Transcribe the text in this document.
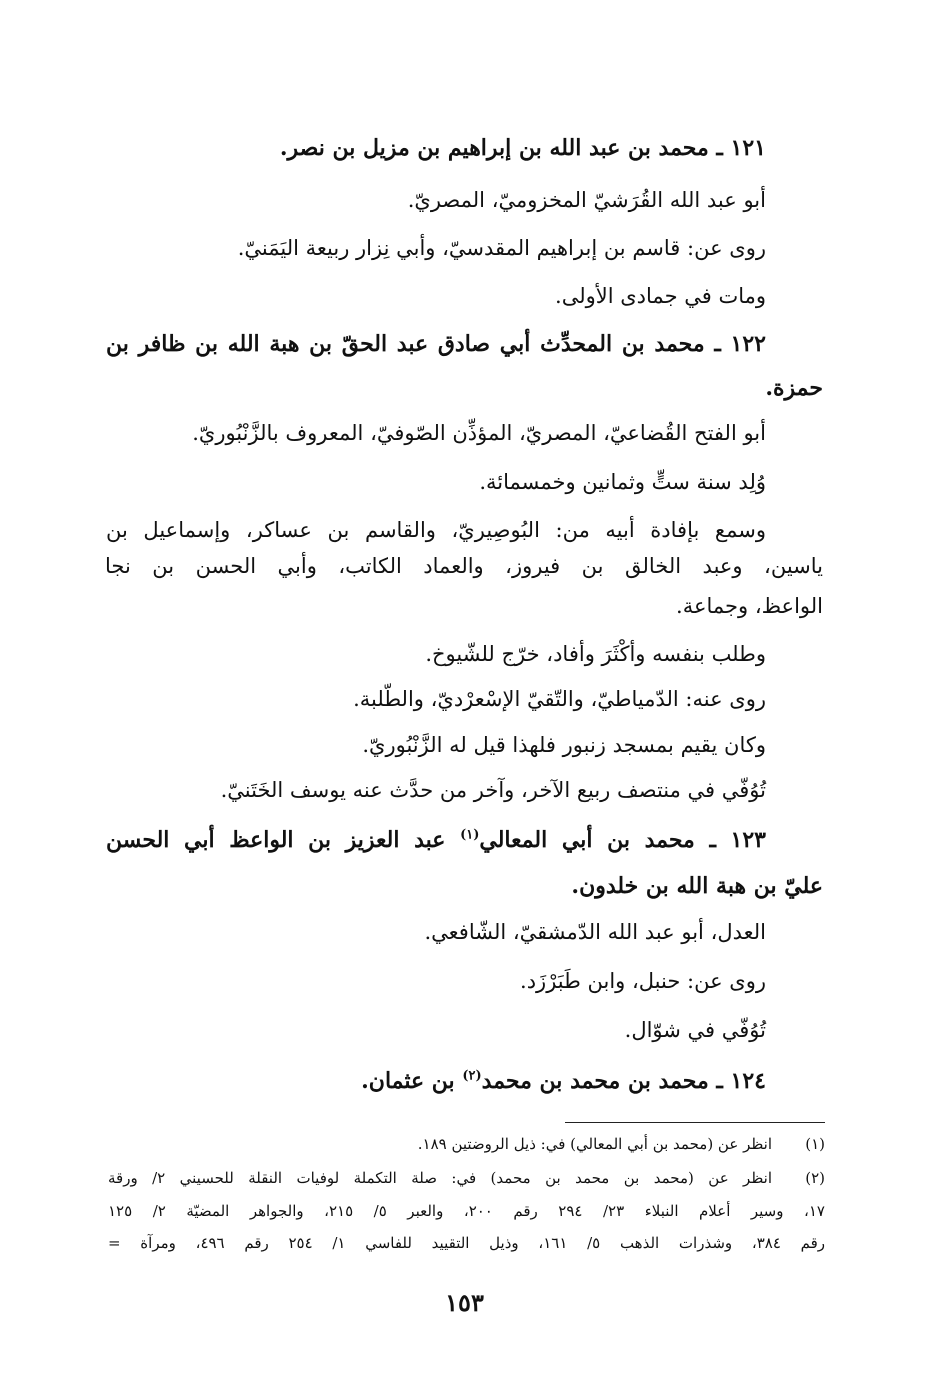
١٢١ ـ محمد بن عبد الله بن إبراهيم بن مزيل بن نصر.
أبو عبد الله القُرَشيّ المخزوميّ، المصريّ.
روى عن: قاسم بن إبراهيم المقدسيّ، وأبي نِزار ربيعة اليَمَنيّ.
ومات في جمادى الأولى.
١٢٢ ـ محمد بن المحدِّث أبي صادق عبد الحقّ بن هبة الله بن ظافر بن
حمزة.
أبو الفتح القُضاعيّ، المصريّ، المؤذِّن الصّوفيّ، المعروف بالزَّنْبُوريّ.
وُلِد سنة ستٍّ وثمانين وخمسمائة.
وسمع بإفادة أبيه من: البُوصِيريّ، والقاسم بن عساكر، وإسماعيل بن
ياسين، وعبد الخالق بن فيروز، والعماد الكاتب، وأبي الحسن بن نجا
الواعظ، وجماعة.
وطلب بنفسه وأكْثَرَ وأفاد، خرّج للشّيوخ.
روى عنه: الدّمياطيّ، والتّقيّ الإسْعرْديّ، والطّلبة.
وكان يقيم بمسجد زنبور فلهذا قيل له الزَّنْبُوريّ.
تُوُفّي في منتصف ربيع الآخر، وآخر من حدَّث عنه يوسف الخَتَنيّ.
١٢٣ ـ محمد بن أبي المعالي$^{(١)}$ عبد العزيز بن الواعظ أبي الحسن
عليّ بن هبة الله بن خلدون.
العدل، أبو عبد الله الدّمشقيّ، الشّافعي.
روى عن: حنبل، وابن طَبَرْزَد.
تُوُفّي في شوّال.
١٢٤ ـ محمد بن محمد بن محمد$^{(٢)}$ بن عثمان.
(١)
انظر عن (محمد بن أبي المعالي) في: ذيل الروضتين ١٨٩.
(٢)
انظر عن (محمد بن محمد بن محمد) في: صلة التكملة لوفيات النقلة للحسيني ٢/ ورقة
١٧، وسير أعلام النبلاء ٢٣/ ٢٩٤ رقم ٢٠٠، والعبر ٥/ ٢١٥، والجواهر المضيّة ٢/ ١٢٥
رقم ٣٨٤، وشذرات الذهب ٥/ ١٦١، وذيل التقييد للفاسي ١/ ٢٥٤ رقم ٤٩٦، ومرآة =
١٥٣
